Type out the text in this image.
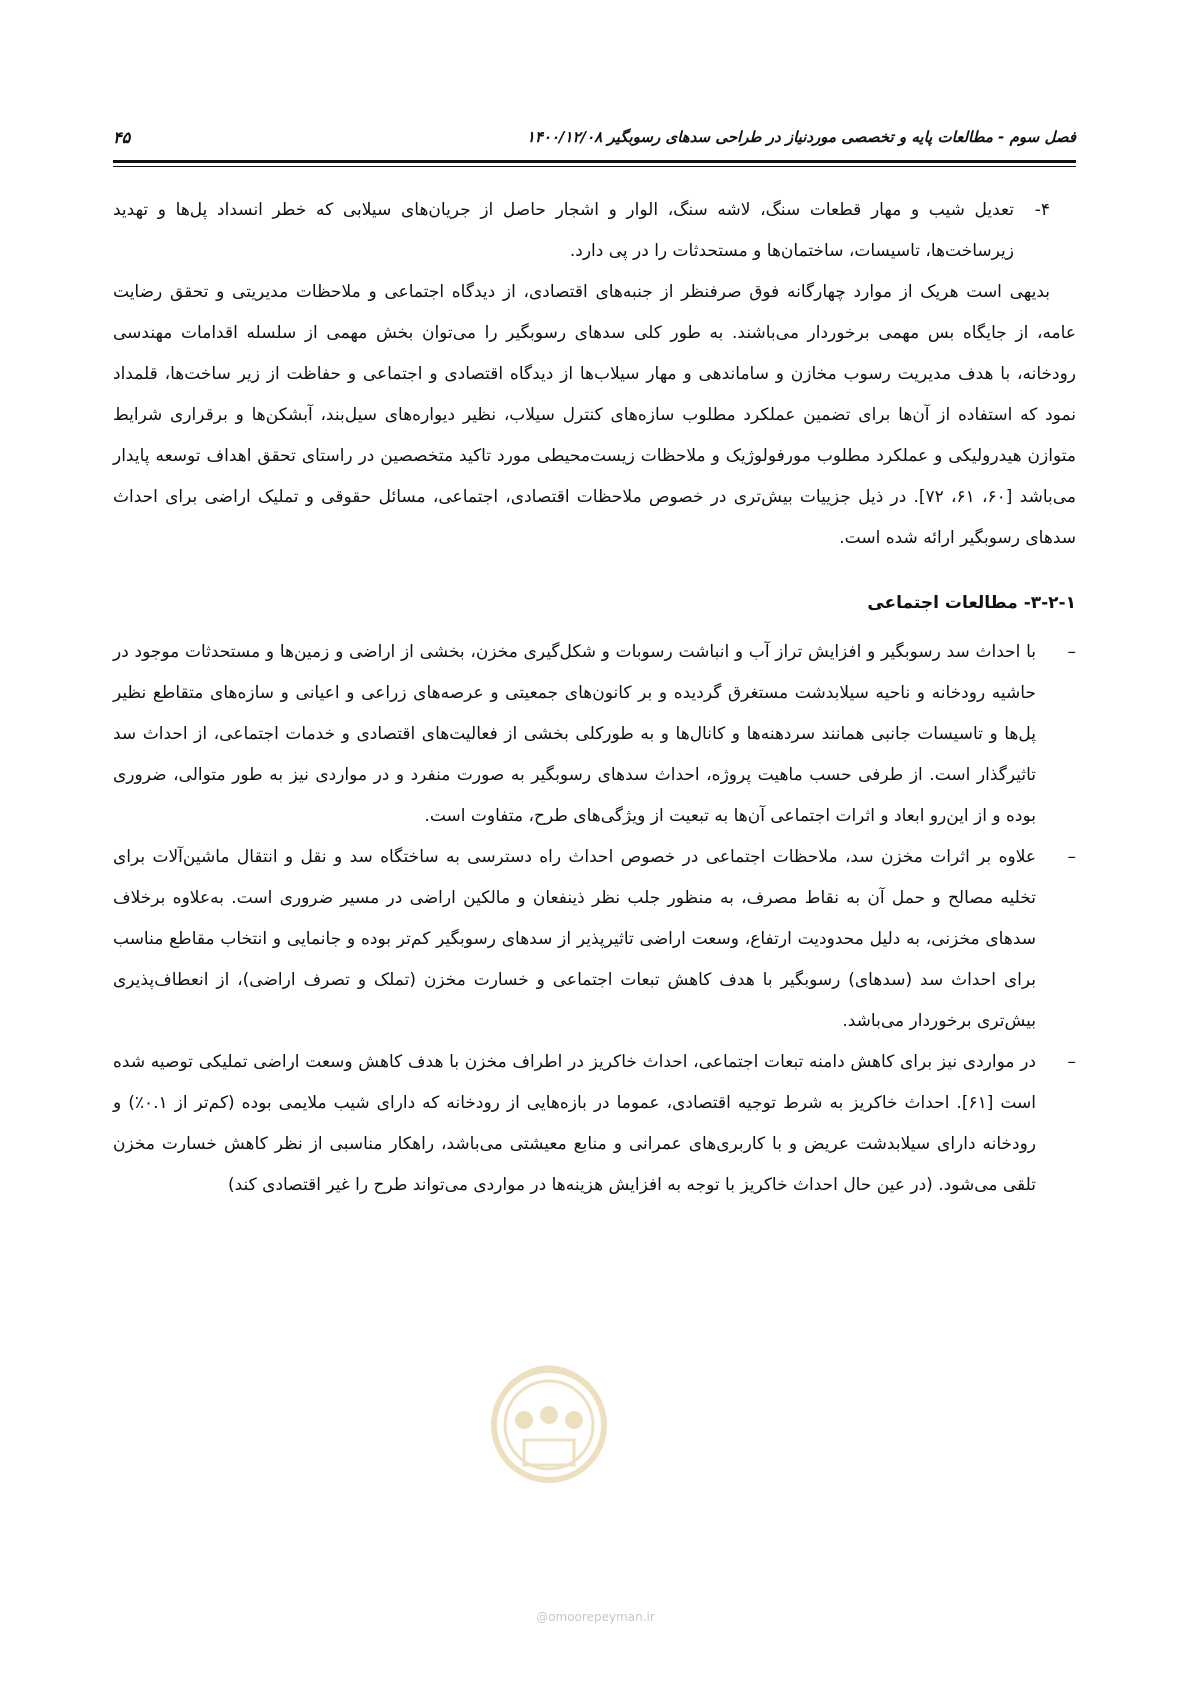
فصل سوم - مطالعات پایه و تخصصی موردنیاز در طراحی سدهای رسوبگیر ۱۴۰۰/۱۲/۰۸
۴۵
۴-
تعدیل شیب و مهار قطعات سنگ، لاشه سنگ، الوار و اشجار حاصل از جریان‌های سیلابی که خطر انسداد پل‌ها و تهدید زیرساخت‌ها، تاسیسات، ساختمان‌ها و مستحدثات را در پی دارد.

بدیهی است هریک از موارد چهارگانه فوق صرفنظر از جنبه‌های اقتصادی، از دیدگاه اجتماعی و ملاحظات مدیریتی و تحقق رضایت عامه، از جایگاه بس مهمی برخوردار می‌باشند. به طور کلی سدهای رسوبگیر را می‌توان بخش مهمی از سلسله اقدامات مهندسی رودخانه، با هدف مدیریت رسوب مخازن و ساماندهی و مهار سیلاب‌ها از دیدگاه اقتصادی و اجتماعی و حفاظت از زیر ساخت‌ها، قلمداد نمود که استفاده از آن‌ها برای تضمین عملکرد مطلوب سازه‌های کنترل سیلاب، نظیر دیواره‌های سیل‌بند، آبشکن‌ها و برقراری شرایط متوازن هیدرولیکی و عملکرد مطلوب مورفولوژیک و ملاحظات زیست‌محیطی مورد تاکید متخصصین در راستای تحقق اهداف توسعه پایدار می‌باشد [۶۰، ۶۱، ۷۲]. در ذیل جزییات بیش‌تری در خصوص ملاحظات اقتصادی، اجتماعی، مسائل حقوقی و تملیک اراضی برای احداث سدهای رسوبگیر ارائه شده است.

۳-۲-۱- مطالعات اجتماعی

–
با احداث سد رسوبگیر و افزایش تراز آب و انباشت رسوبات و شکل‌گیری مخزن، بخشی از اراضی و زمین‌ها و مستحدثات موجود در حاشیه رودخانه و ناحیه سیلابدشت مستغرق گردیده و بر کانون‌های جمعیتی و عرصه‌های زراعی و اعیانی و سازه‌های متقاطع نظیر پل‌ها و تاسیسات جانبی همانند سردهنه‌ها و کانال‌ها و به طورکلی بخشی از فعالیت‌های اقتصادی و خدمات اجتماعی، از احداث سد تاثیرگذار است. از طرفی حسب ماهیت پروژه، احداث سدهای رسوبگیر به صورت منفرد و در مواردی نیز به طور متوالی، ضروری بوده و از این‌رو ابعاد و اثرات اجتماعی آن‌ها به تبعیت از ویژگی‌های طرح، متفاوت است.
–
علاوه بر اثرات مخزن سد، ملاحظات اجتماعی در خصوص احداث راه دسترسی به ساختگاه سد و نقل و انتقال ماشین‌آلات برای تخلیه مصالح و حمل آن به نقاط مصرف، به منظور جلب نظر ذینفعان و مالکین اراضی در مسیر ضروری است. به‌علاوه برخلاف سدهای مخزنی، به دلیل محدودیت ارتفاع، وسعت اراضی تاثیرپذیر از سدهای رسوبگیر کم‌تر بوده و جانمایی و انتخاب مقاطع مناسب برای احداث سد (سدهای) رسوبگیر با هدف کاهش تبعات اجتماعی و خسارت مخزن (تملک و تصرف اراضی)، از انعطاف‌پذیری بیش‌تری برخوردار می‌باشد.
–
در مواردی نیز برای کاهش دامنه تبعات اجتماعی، احداث خاکریز در اطراف مخزن با هدف کاهش وسعت اراضی تملیکی توصیه شده است [۶۱]. احداث خاکریز به شرط توجیه اقتصادی، عموما در بازه‌هایی از رودخانه که دارای شیب ملایمی بوده (کم‌تر از ۰.۱٪) و رودخانه دارای سیلابدشت عریض و با کاربری‌های عمرانی و منابع معیشتی می‌باشد، راهکار مناسبی از نظر کاهش خسارت مخزن تلقی می‌شود. (در عین حال احداث خاکریز با توجه به افزایش هزینه‌ها در مواردی می‌تواند طرح را غیر اقتصادی کند)
@omoorepeyman.ir
